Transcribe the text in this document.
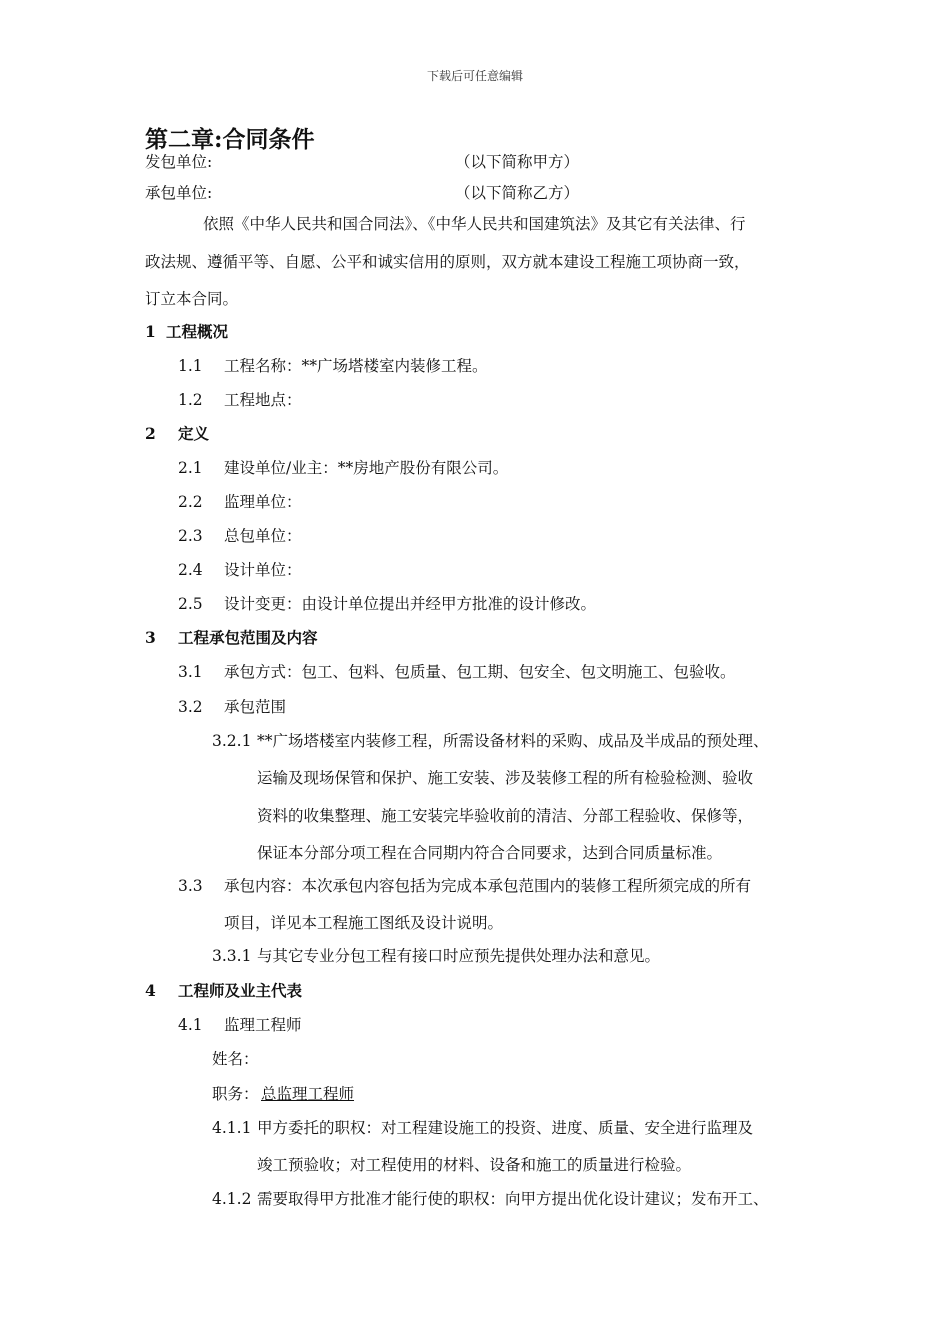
下载后可任意编辑
第二章:合同条件
发包单位:	（以下简称甲方）
承包单位:	（以下简称乙方）
依照《中华人民共和国合同法》、《中华人民共和国建筑法》及其它有关法律、行
政法规、遵循平等、自愿、公平和诚实信用的原则，双方就本建设工程施工项协商一致，
订立本合同。
1 工程概况
1.1 工程名称：**广场塔楼室内装修工程。
1.2 工程地点：
2 定义
2.1 建设单位/业主：**房地产股份有限公司。
2.2 监理单位：
2.3 总包单位：
2.4 设计单位：
2.5 设计变更：由设计单位提出并经甲方批准的设计修改。
3 工程承包范围及内容
3.1 承包方式：包工、包料、包质量、包工期、包安全、包文明施工、包验收。
3.2 承包范围
3.2.1 **广场塔楼室内装修工程，所需设备材料的采购、成品及半成品的预处理、
运输及现场保管和保护、施工安装、涉及装修工程的所有检验检测、验收
资料的收集整理、施工安装完毕验收前的清洁、分部工程验收、保修等，
保证本分部分项工程在合同期内符合合同要求，达到合同质量标准。
3.3 承包内容：本次承包内容包括为完成本承包范围内的装修工程所须完成的所有
项目，详见本工程施工图纸及设计说明。
3.3.1 与其它专业分包工程有接口时应预先提供处理办法和意见。
4 工程师及业主代表
4.1 监理工程师
姓名：
职务： 总监理工程师
4.1.1 甲方委托的职权：对工程建设施工的投资、进度、质量、安全进行监理及
竣工预验收；对工程使用的材料、设备和施工的质量进行检验。
4.1.2 需要取得甲方批准才能行使的职权：向甲方提出优化设计建议；发布开工、
